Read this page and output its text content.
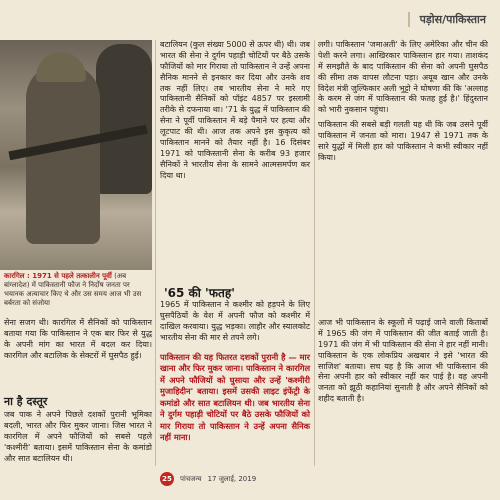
पड़ोस/पाकिस्तान
कारगिल : 1971 से पहले तत्कालीन पूर्वी (अब बांग्लादेश) में पाकिस्तानी फौज ने निर्दोष जनता पर भयानक अत्याचार किए थे और उस समय आज भी उस बर्बरता को संजोया

सेना सजग थी। कारगिल में सैनिकों को पाकिस्तान बताया गया कि पाकिस्तान ने एक बार फिर से युद्ध के अपनी मांग का भारत में बदल कर दिया। कारगिल और बटालिक के सेक्टरों में घुसपैठ हुई।

ना है दस्तूर

जब पाक ने अपने पिछले दशकों पुरानी भूमिका बदली, भारत और फिर मुकर जाना। जिस भारत ने कारगिल में अपने फौजियों को सबसे पहले 'कश्मीरी' बताया। इसमें पाकिस्तान सेना के कमांडो और सात बटालियन थी।

बटालियन (कुल संख्या 5000 से ऊपर थी) थी। जब भारत की सेना ने दुर्गम पहाड़ी चोटियों पर बैठे उसके फौजियों को मार गिराया तो पाकिस्तान ने उन्हें अपना सैनिक मानने से इनकार कर दिया और उनके शव तक नहीं लिए। तब भारतीय सेना ने मारे गए पाकिस्तानी सैनिकों को पॉइंट 4857 पर इस्लामी तरीके से दफनाया था। '71 के युद्ध में पाकिस्तान की सेना ने पूर्वी पाकिस्तान में बड़े पैमाने पर हत्या और लूटपाट की थी। आज तक अपने इस कुकृत्य को पाकिस्तान मानने को तैयार नहीं है। 16 दिसंबर 1971 को पाकिस्तानी सेना के करीब 93 हजार सैनिकों ने भारतीय सेना के सामने आत्मसमर्पण कर दिया था।

'65 की 'फतह'

1965 में पाकिस्तान ने कश्मीर को हड़पने के लिए घुसपैठियों के वेश में अपनी फौज को कश्मीर में दाखिल करवाया। युद्ध भड़का। लाहौर और स्यालकोट भारतीय सेना की मार से तपने लगे।

पाकिस्तान की यह फितरत दशकों पुरानी है — मार खाना और फिर मुकर जाना। पाकिस्तान ने कारगिल में अपने फौजियों को घुसाया और उन्हें 'कश्मीरी मुजाहिदीन' बताया। इसमें उसकी लाइट इंफेंट्री के कमांडो और सात बटालियन थी। जब भारतीय सेना ने दुर्गम पहाड़ी चोटियों पर बैठे उसके फौजियों को मार गिराया तो पाकिस्तान ने उन्हें अपना सैनिक नहीं माना।

लगी। पाकिस्तान 'जमाअती' के लिए अमेरिका और चीन की पेशी करने लगा। आखिरकार पाकिस्तान हार गया। ताशकंद में समझौते के बाद पाकिस्तान की सेना को अपनी घुसपैठ की सीमा तक वापस लौटना पड़ा। अयूब खान और उनके विदेश मंत्री जुल्फिकार अली भुट्टो ने घोषणा की कि 'अल्लाह के करम से जंग में पाकिस्तान की फतह हुई है।' हिंदुस्तान को भारी नुकसान पहुंचा।

पाकिस्तान की सबसे बड़ी गलती यह थी कि जब उसने पूर्वी पाकिस्तान में जनता को मारा। 1947 से 1971 तक के सारे युद्धों में मिली हार को पाकिस्तान ने कभी स्वीकार नहीं किया।

आज भी पाकिस्तान के स्कूलों में पढ़ाई जाने वाली किताबों में 1965 की जंग में पाकिस्तान की जीत बताई जाती है। 1971 की जंग में भी पाकिस्तान की सेना ने हार नहीं मानी। पाकिस्तान के एक लोकप्रिय अखबार ने इसे 'भारत की साजिश' बताया। सच यह है कि आज भी पाकिस्तान की सेना अपनी हार को स्वीकार नहीं कर पाई है। वह अपनी जनता को झूठी कहानियां सुनाती है और अपने सैनिकों को शहीद बताती है।

25	पांचजन्य 17 जुलाई, 2019
